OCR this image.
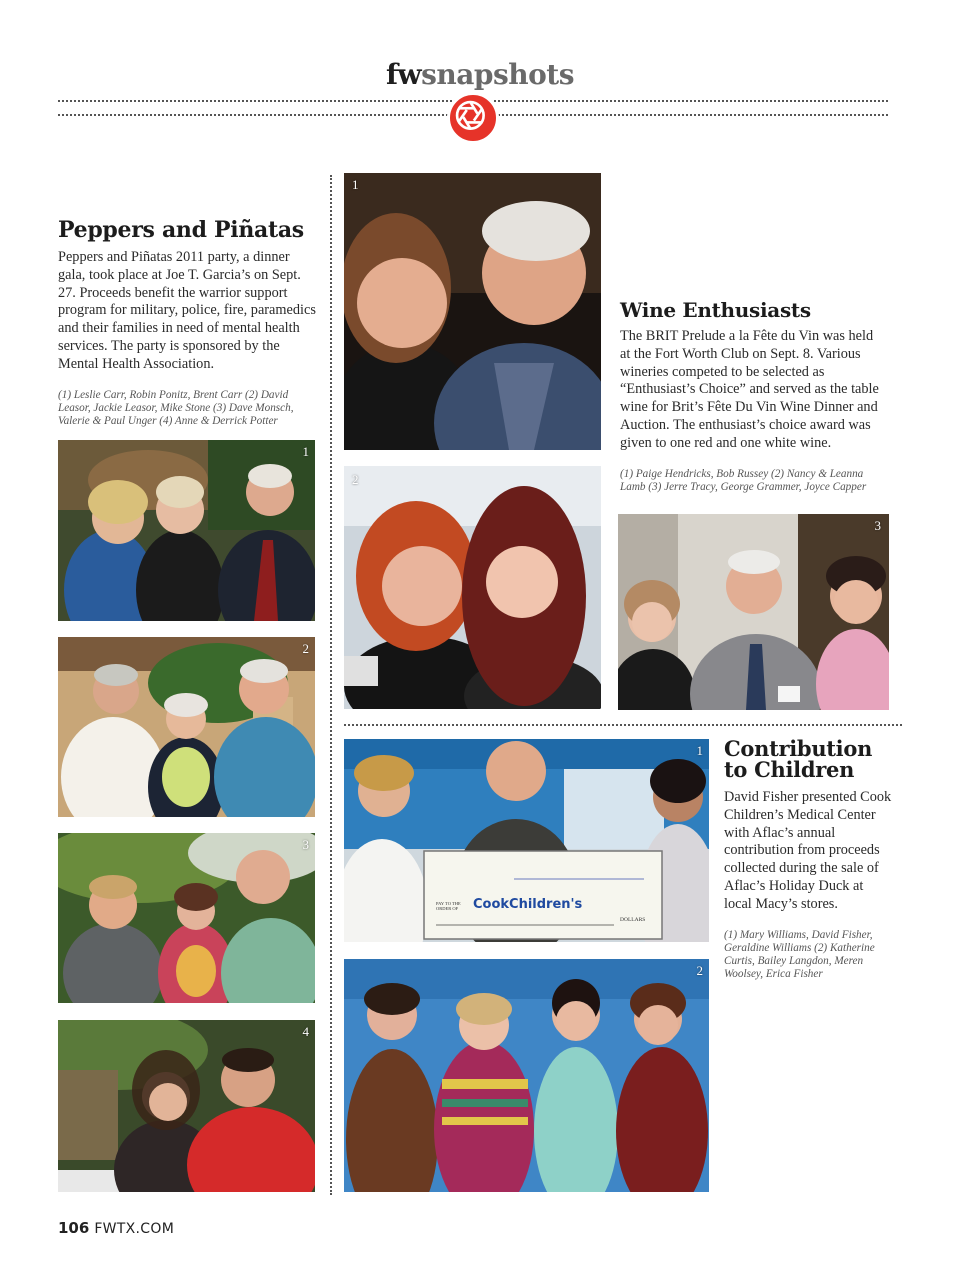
fwsnapshots
Peppers and Piñatas
Peppers and Piñatas 2011 party, a dinner gala, took place at Joe T. Garcia’s on Sept. 27. Proceeds benefit the warrior support program for military, police, fire, paramedics and their families in need of mental health services. The party is sponsored by the Mental Health Association.
(1) Leslie Carr, Robin Ponitz, Brent Carr (2) David Leasor, Jackie Leasor, Mike Stone (3) Dave Monsch, Valerie & Paul Unger (4) Anne & Derrick Potter
1
2
3
4
1
2
Wine Enthusiasts
The BRIT Prelude a la Fête du Vin was held at the Fort Worth Club on Sept. 8. Various wineries competed to be selected as “Enthusiast’s Choice” and served as the table wine for Brit’s Fête Du Vin Wine Dinner and Auction. The enthusiast’s choice award was given to one red and one white wine.
(1) Paige Hendricks, Bob Russey (2) Nancy & Leanna Lamb (3) Jerre Tracy, George Grammer, Joyce Capper
3
CookChildren's
PAY TO THE ORDER OF
DOLLARS
1
2
Contribution
to Children
David Fisher presented Cook Children’s Medical Center with Aflac’s annual contribution from proceeds collected during the sale of Aflac’s Holiday Duck at local Macy’s stores.
(1) Mary Williams, David Fisher, Geraldine Williams (2) Katherine Curtis, Bailey Langdon, Meren Woolsey, Erica Fisher
106 FWTX.COM
